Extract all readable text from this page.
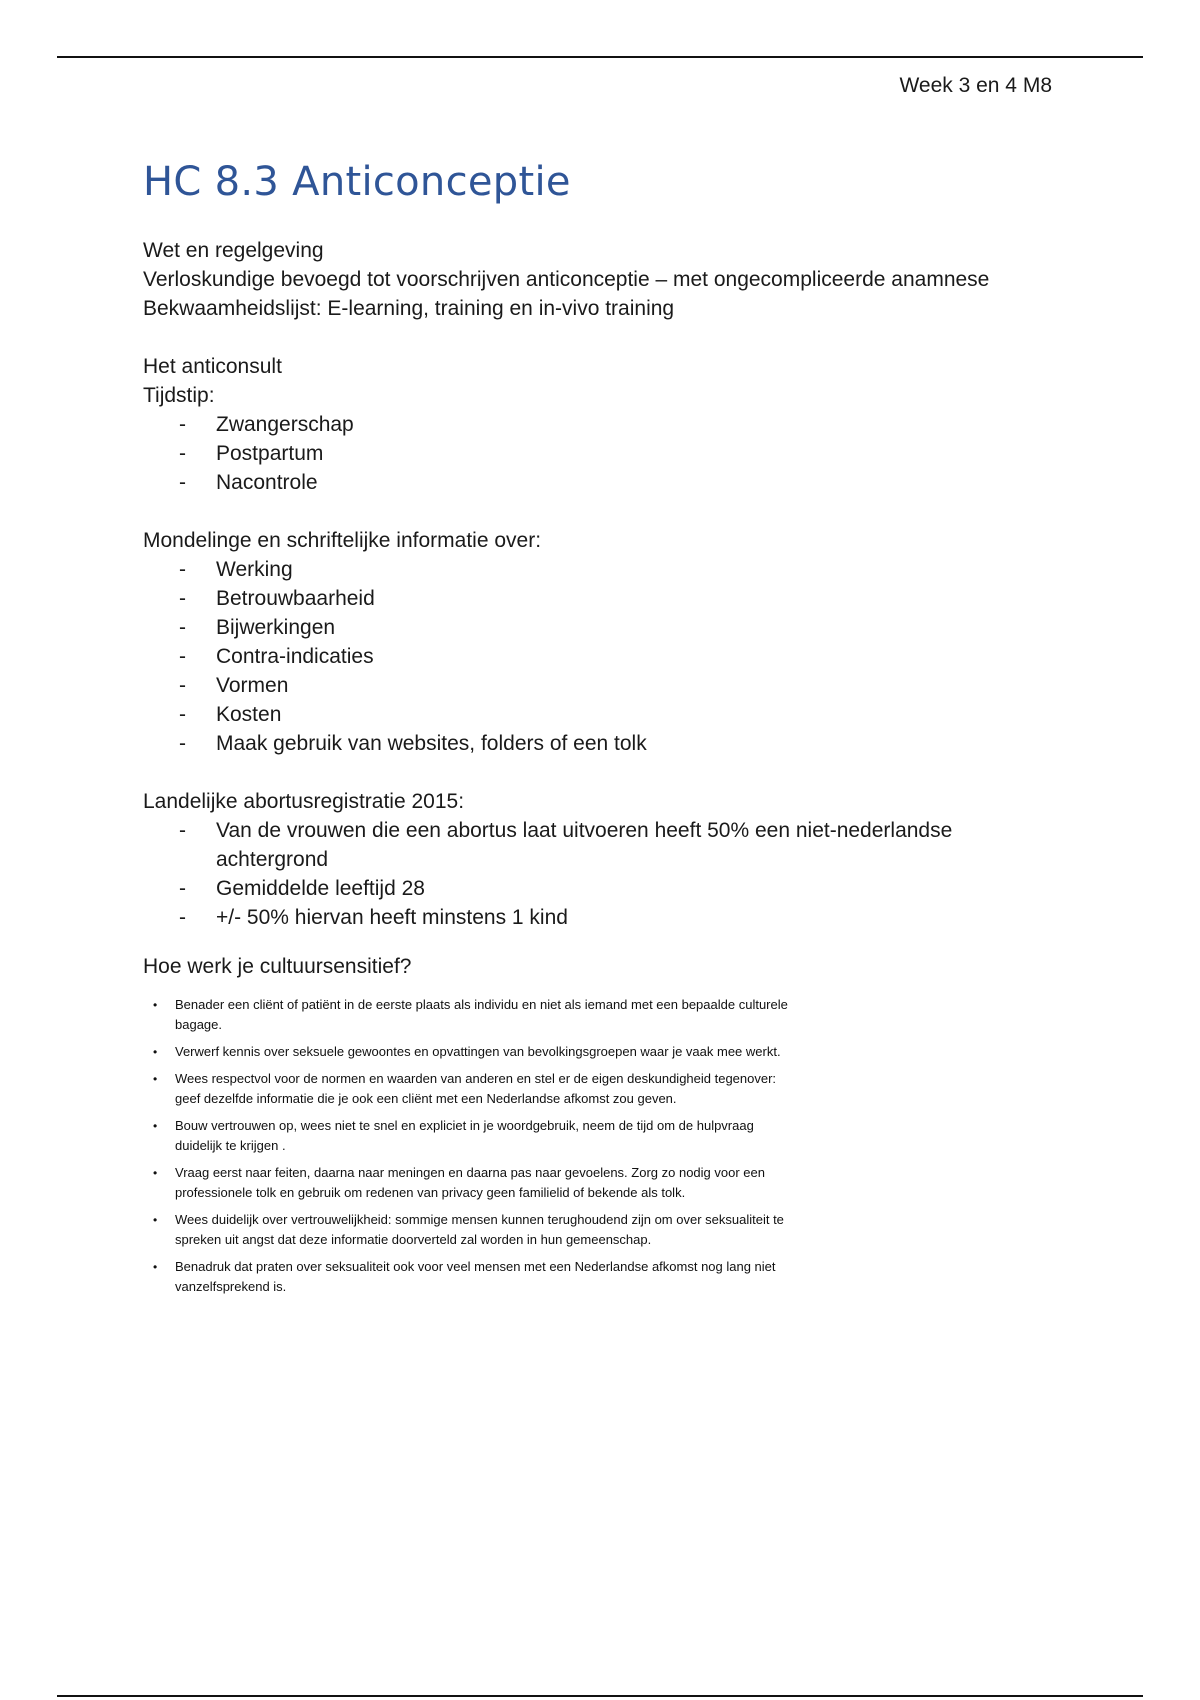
Week 3 en 4 M8
HC 8.3 Anticonceptie

Wet en regelgeving

Verloskundige bevoegd tot voorschrijven anticonceptie – met ongecompliceerde anamnese

Bekwaamheidslijst: E-learning, training en in-vivo training

Het anticonsult

Tijdstip:

- Zwangerschap
- Postpartum
- Nacontrole

Mondelinge en schriftelijke informatie over:

- Werking
- Betrouwbaarheid
- Bijwerkingen
- Contra-indicaties
- Vormen
- Kosten
- Maak gebruik van websites, folders of een tolk

Landelijke abortusregistratie 2015:

- Van de vrouwen die een abortus laat uitvoeren heeft 50% een niet-nederlandse achtergrond
- Gemiddelde leeftijd 28
- +/- 50% hiervan heeft minstens 1 kind

Hoe werk je cultuursensitief?

• Benader een cliënt of patiënt in de eerste plaats als individu en niet als iemand met een bepaalde culturele bagage.
• Verwerf kennis over seksuele gewoontes en opvattingen van bevolkingsgroepen waar je vaak mee werkt.
• Wees respectvol voor de normen en waarden van anderen en stel er de eigen deskundigheid tegenover: geef dezelfde informatie die je ook een cliënt met een Nederlandse afkomst zou geven.
• Bouw vertrouwen op, wees niet te snel en expliciet in je woordgebruik, neem de tijd om de hulpvraag duidelijk te krijgen .
• Vraag eerst naar feiten, daarna naar meningen en daarna pas naar gevoelens. Zorg zo nodig voor een professionele tolk en gebruik om redenen van privacy geen familielid of bekende als tolk.
• Wees duidelijk over vertrouwelijkheid: sommige mensen kunnen terughoudend zijn om over seksualiteit te spreken uit angst dat deze informatie doorverteld zal worden in hun gemeenschap.
• Benadruk dat praten over seksualiteit ook voor veel mensen met een Nederlandse afkomst nog lang niet vanzelfsprekend is.
